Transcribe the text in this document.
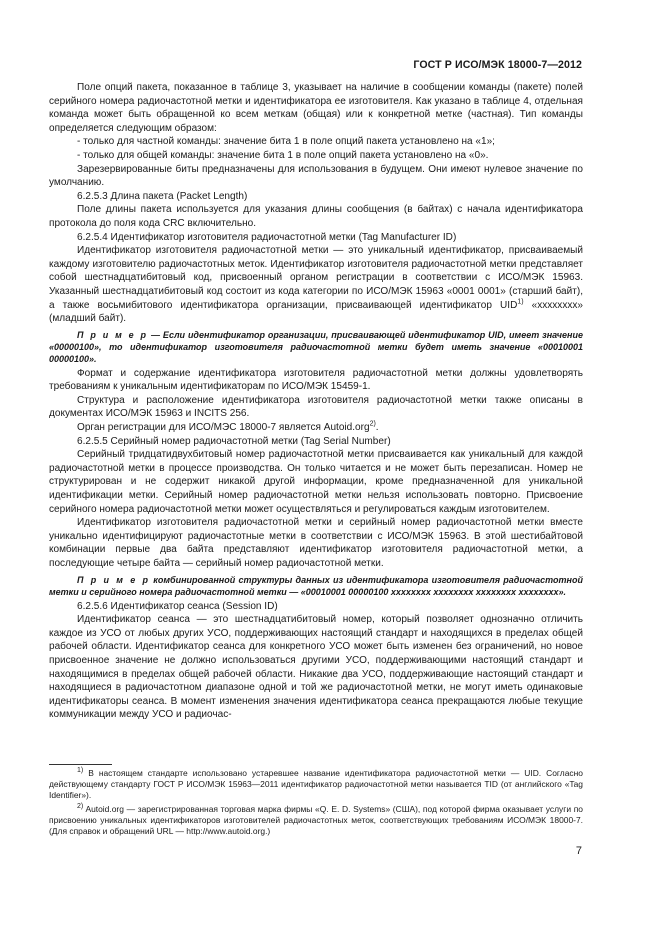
ГОСТ Р ИСО/МЭК 18000-7—2012

Поле опций пакета, показанное в таблице 3, указывает на наличие в сообщении команды (пакете) полей серийного номера радиочастотной метки и идентификатора ее изготовителя. Как указано в таблице 4, отдельная команда может быть обращенной ко всем меткам (общая) или к конкретной метке (частная). Тип команды определяется следующим образом:

- только для частной команды: значение бита 1 в поле опций пакета установлено на «1»;

- только для общей команды: значение бита 1 в поле опций пакета установлено на «0».

Зарезервированные биты предназначены для использования в будущем. Они имеют нулевое значение по умолчанию.

6.2.5.3 Длина пакета (Packet Length)

Поле длины пакета используется для указания длины сообщения (в байтах) с начала идентификатора протокола до поля кода CRC включительно.

6.2.5.4 Идентификатор изготовителя радиочастотной метки (Tag Manufacturer ID)

Идентификатор изготовителя радиочастотной метки — это уникальный идентификатор, присваиваемый каждому изготовителю радиочастотных меток. Идентификатор изготовителя радиочастотной метки представляет собой шестнадцатибитовый код, присвоенный органом регистрации в соответствии с ИСО/МЭК 15963. Указанный шестнадцатибитовый код состоит из кода категории по ИСО/МЭК 15963 «0001 0001» (старший байт), а также восьмибитового идентификатора организации, присваивающей идентификатор UID$^{1)}$ «xxxxxxxx» (младший байт).

П р и м е р — Если идентификатор организации, присваивающей идентификатор UID, имеет значение «00000100», то идентификатор изготовителя радиочастотной метки будет иметь значение «00010001 00000100».

Формат и содержание идентификатора изготовителя радиочастотной метки должны удовлетворять требованиям к уникальным идентификаторам по ИСО/МЭК 15459-1.

Структура и расположение идентификатора изготовителя радиочастотной метки также описаны в документах ИСО/МЭК 15963 и INCITS 256.

Орган регистрации для ИСО/МЭС 18000-7 является Autoid.org$^{2)}$.

6.2.5.5 Серийный номер радиочастотной метки (Tag Serial Number)

Серийный тридцатидвухбитовый номер радиочастотной метки присваивается как уникальный для каждой радиочастотной метки в процессе производства. Он только читается и не может быть перезаписан. Номер не структурирован и не содержит никакой другой информации, кроме предназначенной для уникальной идентификации метки. Серийный номер радиочастотной метки нельзя использовать повторно. Присвоение серийного номера радиочастотной метки может осуществляться и регулироваться каждым изготовителем.

Идентификатор изготовителя радиочастотной метки и серийный номер радиочастотной метки вместе уникально идентифицируют радиочастотные метки в соответствии с ИСО/МЭК 15963. В этой шестибайтовой комбинации первые два байта представляют идентификатор изготовителя радиочастотной метки, а последующие четыре байта — серийный номер радиочастотной метки.

П р и м е р комбинированной структуры данных из идентификатора изготовителя радиочастотной метки и серийного номера радиочастотной метки — «00010001 00000100 xxxxxxxx xxxxxxxx xxxxxxxx xxxxxxxx».

6.2.5.6 Идентификатор сеанса (Session ID)

Идентификатор сеанса — это шестнадцатибитовый номер, который позволяет однозначно отличить каждое из УСО от любых других УСО, поддерживающих настоящий стандарт и находящихся в пределах общей рабочей области. Идентификатор сеанса для конкретного УСО может быть изменен без ограничений, но новое присвоенное значение не должно использоваться другими УСО, поддерживающими настоящий стандарт и находящимися в пределах общей рабочей области. Никакие два УСО, поддерживающие настоящий стандарт и находящиеся в радиочастотном диапазоне одной и той же радиочастотной метки, не могут иметь одинаковые идентификаторы сеанса. В момент изменения значения идентификатора сеанса прекращаются любые текущие коммуникации между УСО и радиочас-

$^{1)}$ В настоящем стандарте использовано устаревшее название идентификатора радиочастотной метки — UID. Согласно действующему стандарту ГОСТ Р ИСО/МЭК 15963—2011 идентификатор радиочастотной метки называется TID (от английского «Tag Identifier»).

$^{2)}$ Autoid.org — зарегистрированная торговая марка фирмы «Q. E. D. Systems» (США), под которой фирма оказывает услуги по присвоению уникальных идентификаторов изготовителей радиочастотных меток, соответствующих требованиям ИСО/МЭК 18000-7. (Для справок и обращений URL — http://www.autoid.org.)

7
